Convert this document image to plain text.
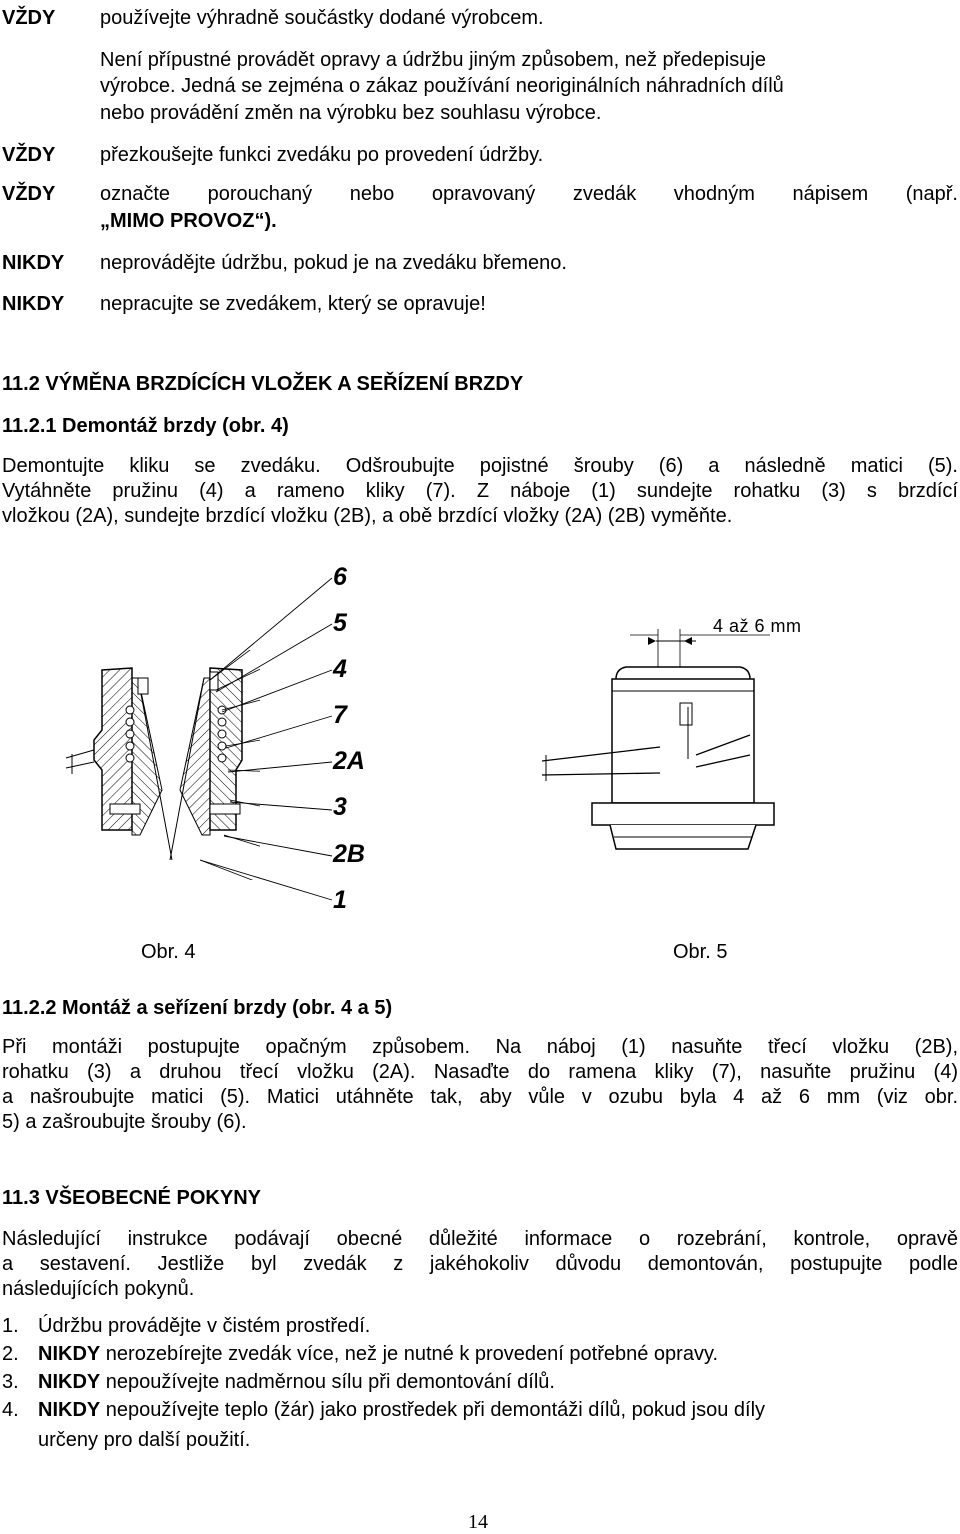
VŽDY používejte výhradně součástky dodané výrobcem.
Není přípustné provádět opravy a údržbu jiným způsobem, než předepisuje
výrobce. Jedná se zejména o zákaz používání neoriginálních náhradních dílů
nebo provádění změn na výrobku bez souhlasu výrobce.
VŽDY přezkoušejte funkci zvedáku po provedení údržby.
VŽDY označte porouchaný nebo opravovaný zvedák vhodným nápisem (např.
„MIMO PROVOZ“).
NIKDY neprovádějte údržbu, pokud je na zvedáku břemeno.
NIKDY nepracujte se zvedákem, který se opravuje!
11.2 VÝMĚNA BRZDÍCÍCH VLOŽEK A SEŘÍZENÍ BRZDY
11.2.1 Demontáž brzdy (obr. 4)
Demontujte kliku se zvedáku. Odšroubujte pojistné šrouby (6) a následně matici (5).
Vytáhněte pružinu (4) a rameno kliky (7). Z náboje (1) sundejte rohatku (3) s brzdící
vložkou (2A), sundejte brzdící vložku (2B), a obě brzdící vložky (2A) (2B) vyměňte.
6
5
4
7
2A
3
2B
1
4 až 6 mm
Obr. 4	Obr. 5
11.2.2 Montáž a seřízení brzdy (obr. 4 a 5)
Při montáži postupujte opačným způsobem. Na náboj (1) nasuňte třecí vložku (2B),
rohatku (3) a druhou třecí vložku (2A). Nasaďte do ramena kliky (7), nasuňte pružinu (4)
a našroubujte matici (5). Matici utáhněte tak, aby vůle v ozubu byla 4 až 6 mm (viz obr.
5) a zašroubujte šrouby (6).
11.3 VŠEOBECNÉ POKYNY
Následující instrukce podávají obecné důležité informace o rozebrání, kontrole, opravě
a sestavení. Jestliže byl zvedák z jakéhokoliv důvodu demontován, postupujte podle
následujících pokynů.
1. Údržbu provádějte v čistém prostředí.
2. NIKDY nerozebírejte zvedák více, než je nutné k provedení potřebné opravy.
3. NIKDY nepoužívejte nadměrnou sílu při demontování dílů.
4. NIKDY nepoužívejte teplo (žár) jako prostředek při demontáži dílů, pokud jsou díly
určeny pro další použití.
14
